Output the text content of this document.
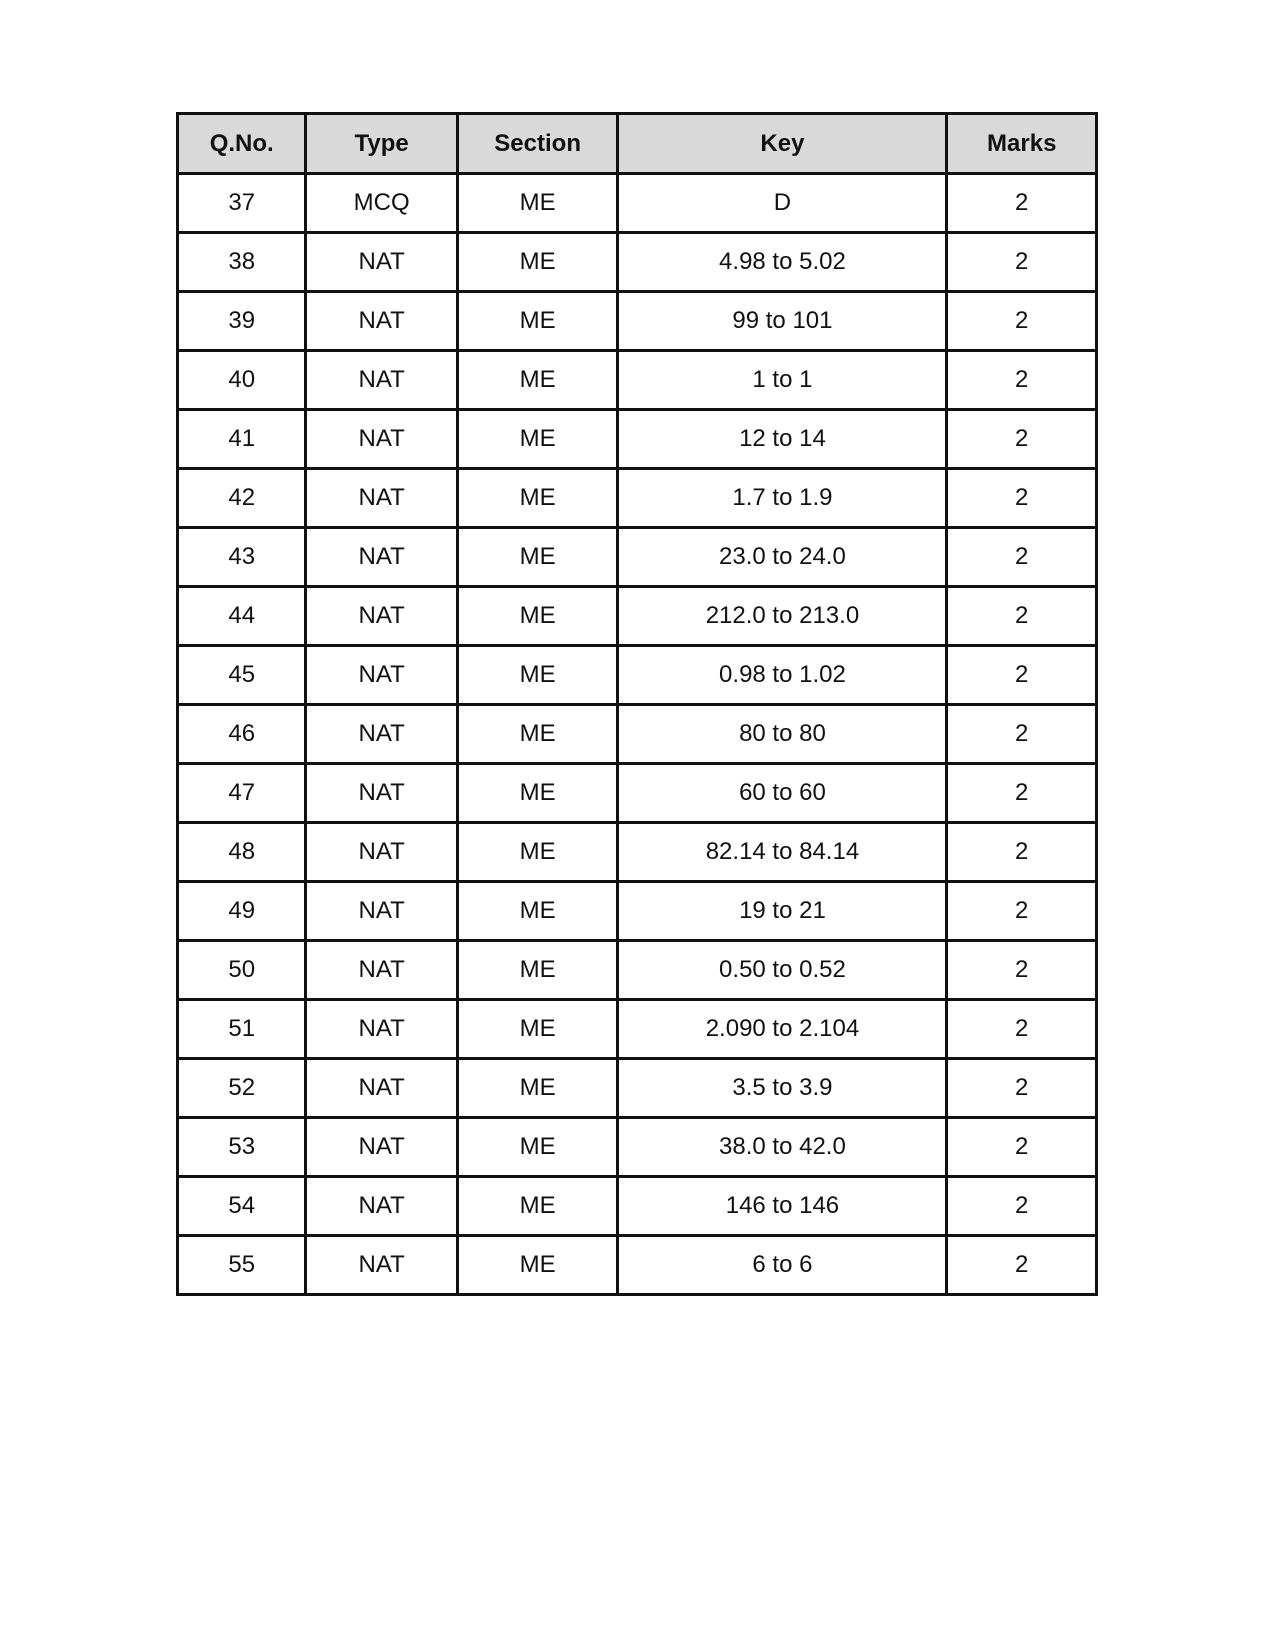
Q.No.	Type	Section	Key	Marks
37	MCQ	ME	D	2
38	NAT	ME	4.98 to 5.02	2
39	NAT	ME	99 to 101	2
40	NAT	ME	1 to 1	2
41	NAT	ME	12 to 14	2
42	NAT	ME	1.7 to 1.9	2
43	NAT	ME	23.0 to 24.0	2
44	NAT	ME	212.0 to 213.0	2
45	NAT	ME	0.98 to 1.02	2
46	NAT	ME	80 to 80	2
47	NAT	ME	60 to 60	2
48	NAT	ME	82.14 to 84.14	2
49	NAT	ME	19 to 21	2
50	NAT	ME	0.50 to 0.52	2
51	NAT	ME	2.090 to 2.104	2
52	NAT	ME	3.5 to 3.9	2
53	NAT	ME	38.0 to 42.0	2
54	NAT	ME	146 to 146	2
55	NAT	ME	6 to 6	2
